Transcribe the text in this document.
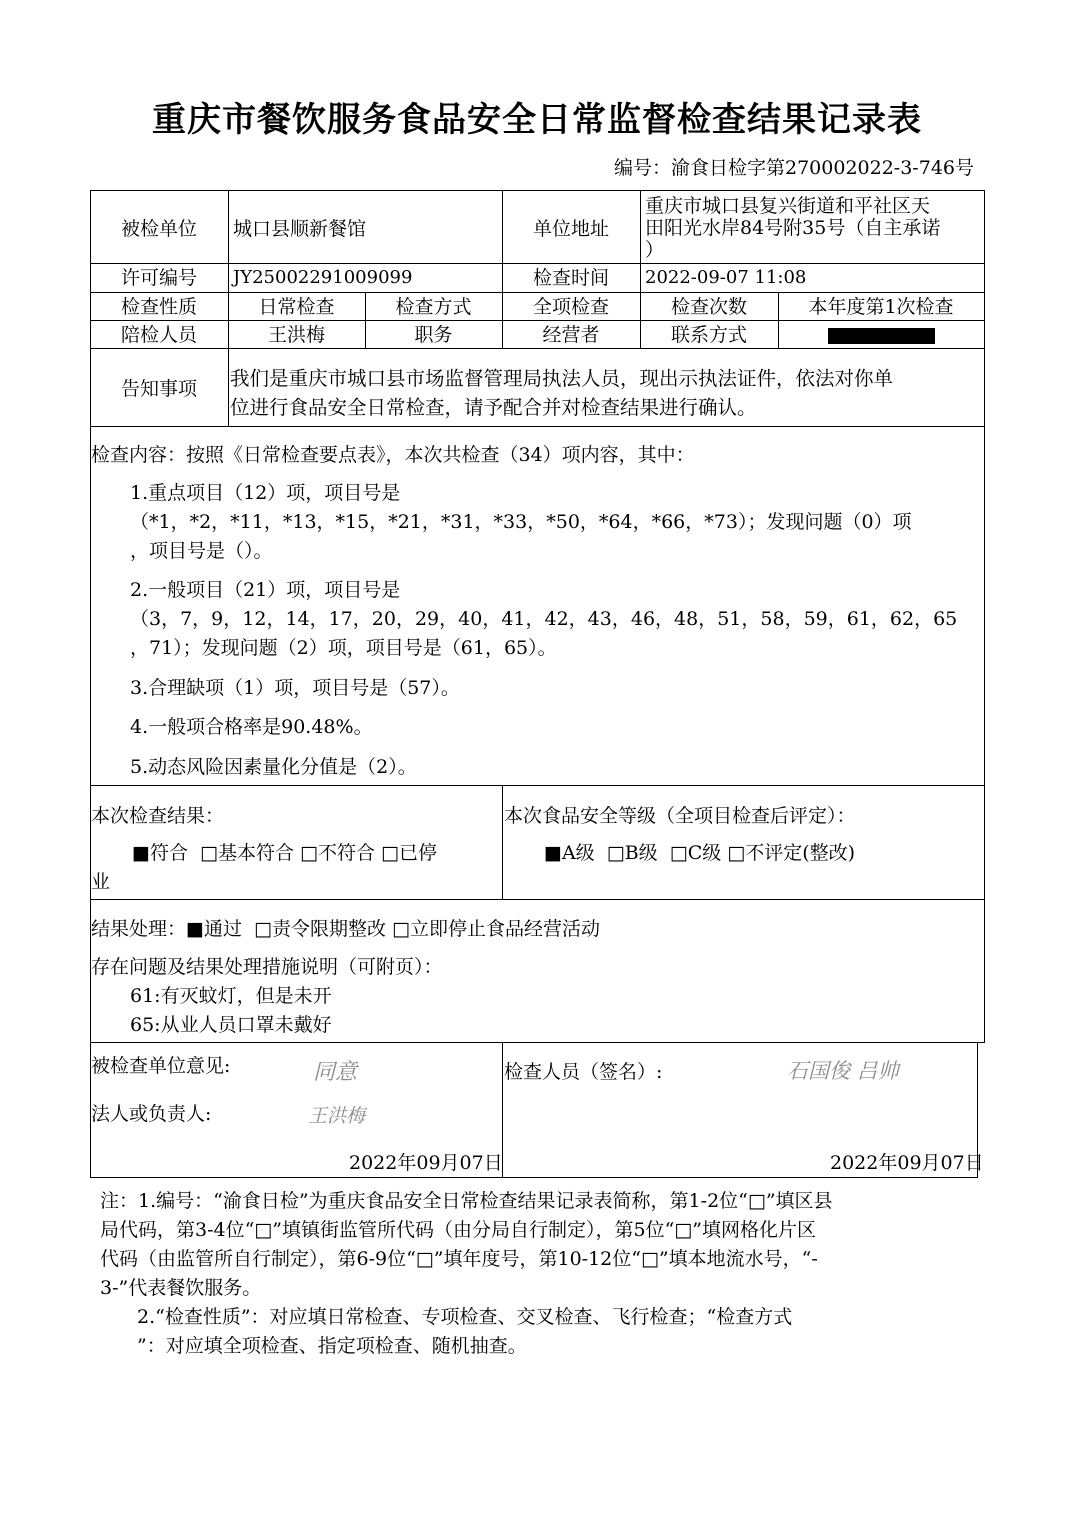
重庆市餐饮服务食品安全日常监督检查结果记录表
编号：渝食日检字第270002022-3-746号
被检单位	城口县顺新餐馆	单位地址
重庆市城口县复兴街道和平社区天
田阳光水岸84号附35号（自主承诺
）
许可编号	JY25002291009099	检查时间	2022-09-07 11:08
检查性质	日常检查	检查方式	全项检查	检查次数	本年度第1次检查
陪检人员	王洪梅	职务	经营者	联系方式
告知事项	我们是重庆市城口县市场监督管理局执法人员，现出示执法证件，依法对你单
位进行食品安全日常检查，请予配合并对检查结果进行确认。
检查内容：按照《日常检查要点表》，本次共检查（34）项内容，其中：
1.重点项目（12）项，项目号是
（*1，*2，*11，*13，*15，*21，*31，*33，*50，*64，*66，*73）；发现问题（0）项
，项目号是（）。
2.一般项目（21）项，项目号是
（3，7，9，12，14，17，20，29，40，41，42，43，46，48，51，58，59，61，62，65
，71）；发现问题（2）项，项目号是（61，65）。
3.合理缺项（1）项，项目号是（57）。
4.一般项合格率是90.48%。
5.动态风险因素量化分值是（2）。
本次检查结果：
■符合  □基本符合 □不符合 □已停
业
本次食品安全等级（全项目检查后评定）：
■A级  □B级  □C级 □不评定(整改)
结果处理：■通过  □责令限期整改 □立即停止食品经营活动
存在问题及结果处理措施说明（可附页）：
61:有灭蚊灯，但是未开
65:从业人员口罩未戴好
被检查单位意见:	同意
法人或负责人:	王洪梅
2022年09月07日
检查人员（签名）:	石国俊 吕帅
2022年09月07日
注：1.编号：“渝食日检”为重庆食品安全日常检查结果记录表简称，第1-2位“□”填区县
局代码，第3-4位“□”填镇街监管所代码（由分局自行制定），第5位“□”填网格化片区
代码（由监管所自行制定），第6-9位“□”填年度号，第10-12位“□”填本地流水号，“-
3-”代表餐饮服务。
2.“检查性质”：对应填日常检查、专项检查、交叉检查、飞行检查；“检查方式
”：对应填全项检查、指定项检查、随机抽查。
